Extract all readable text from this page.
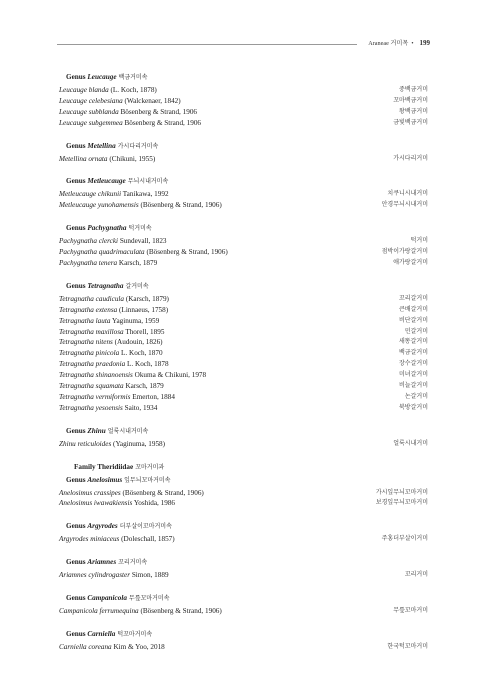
Araneae 거미목 • 199
Genus Leucauge 백금거미속
Leucauge blanda (L. Koch, 1878)	중백금거미
Leucauge celebesiana (Walckenaer, 1842)	꼬마백금거미
Leucauge subblanda Bösenberg & Strand, 1906	왕백금거미
Leucauge subgemmea Bösenberg & Strand, 1906	금빛백금거미
Genus Metellina 가시다리거미속
Metellina ornata (Chikuni, 1955)	가시다리거미
Genus Metleucauge 무늬시내거미속
Metleucauge chikunii Tanikawa, 1992	치쿠니시내거미
Metleucauge yunohamensis (Bösenberg & Strand, 1906)	안경무늬시내거미
Genus Pachygnatha 턱거미속
Pachygnatha clercki Sundevall, 1823	턱거미
Pachygnatha quadrimaculata (Bösenberg & Strand, 1906)	점박이가랑갈거미
Pachygnatha tenera Karsch, 1879	애가랑갈거미
Genus Tetragnatha 갈거미속
Tetragnatha caudicula (Karsch, 1879)	꼬리갈거미
Tetragnatha extensa (Linnaeus, 1758)	큰배갈거미
Tetragnatha lauta Yaginuma, 1959	비단갈거미
Tetragnatha maxillosa Thorell, 1895	민갈거미
Tetragnatha nitens (Audouin, 1826)	새똥갈거미
Tetragnatha pinicola L. Koch, 1870	백금갈거미
Tetragnatha praedonia L. Koch, 1878	장수갈거미
Tetragnatha shinanoensis Okuma & Chikuni, 1978	미녀갈거미
Tetragnatha squamata Karsch, 1879	비늘갈거미
Tetragnatha vermiformis Emerton, 1884	논갈거미
Tetragnatha yesoensis Saito, 1934	북방갈거미
Genus Zhinu 얼룩시내거미속
Zhinu reticuloides (Yaginuma, 1958)	얼룩시내거미
Family Theridiidae 꼬마거미과
Genus Anelosimus 잎무늬꼬마거미속
Anelosimus crassipes (Bösenberg & Strand, 1906)	가시잎무늬꼬마거미
Anelosimus iwawakiensis Yoshida, 1986	보경잎무늬꼬마거미
Genus Argyrodes 더부살이꼬마거미속
Argyrodes miniaceus (Doleschall, 1857)	주홍더부살이거미
Genus Ariamnes 꼬리거미속
Ariamnes cylindrogaster Simon, 1889	꼬리거미
Genus Campanicola 무릎꼬마거미속
Campanicola ferrumequina (Bösenberg & Strand, 1906)	무릎꼬마거미
Genus Carniella 턱꼬마거미속
Carniella coreana Kim & Yoo, 2018	한국턱꼬마거미
